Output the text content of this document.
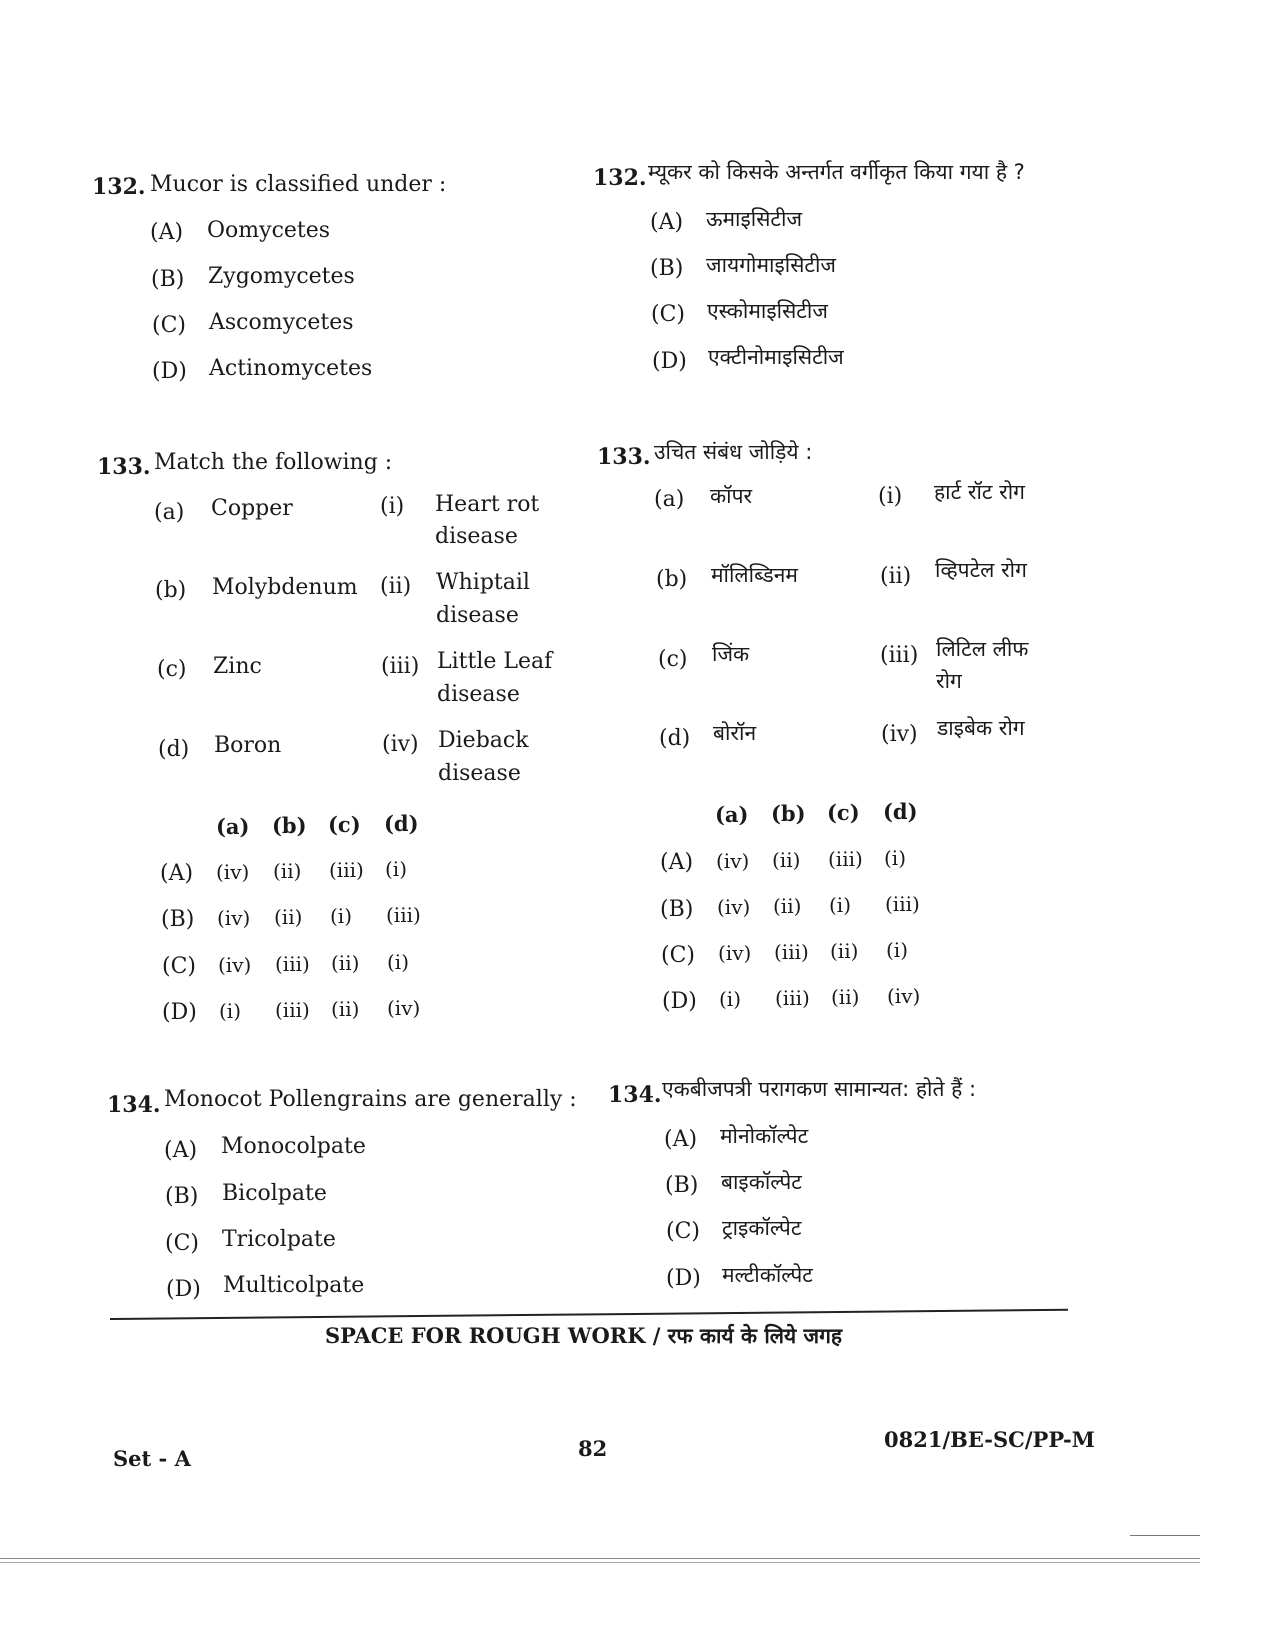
132. Mucor is classified under :
(A) Oomycetes
(B) Zygomycetes
(C) Ascomycetes
(D) Actinomycetes
132. म्यूकर को किसके अन्तर्गत वर्गीकृत किया गया है ?
(A) ऊमाइसिटीज
(B) जायगोमाइसिटीज
(C) एस्कोमाइसिटीज
(D) एक्टीनोमाइसिटीज
133. Match the following :
(a) Copper	(i) Heart rot
disease
(b) Molybdenum (ii) Whiptail
disease
(c) Zinc	(iii) Little Leaf
disease
(d) Boron	(iv) Dieback
disease
(a) (b) (c) (d)
(A) (iv) (ii) (iii) (i)
(B) (iv) (ii) (i) (iii)
(C) (iv) (iii) (ii) (i)
(D) (i) (iii) (ii) (iv)
133. उचित संबंध जोड़िये :
(a) कॉपर	(i) हार्ट रॉट रोग
(b) मॉलिब्डिनम	(ii) व्हिपटेल रोग
(c) जिंक	(iii) लिटिल लीफ
रोग
(d) बोरॉन	(iv) डाइबेक रोग
(a) (b) (c) (d)
(A) (iv) (ii) (iii) (i)
(B) (iv) (ii) (i) (iii)
(C) (iv) (iii) (ii) (i)
(D) (i) (iii) (ii) (iv)
134. Monocot Pollengrains are generally :
(A) Monocolpate
(B) Bicolpate
(C) Tricolpate
(D) Multicolpate
134. एकबीजपत्री परागकण सामान्यत: होते हैं :
(A) मोनोकॉल्पेट
(B) बाइकॉल्पेट
(C) ट्राइकॉल्पेट
(D) मल्टीकॉल्पेट
SPACE FOR ROUGH WORK / रफ कार्य के लिये जगह
Set - A	82	0821/BE-SC/PP-M
